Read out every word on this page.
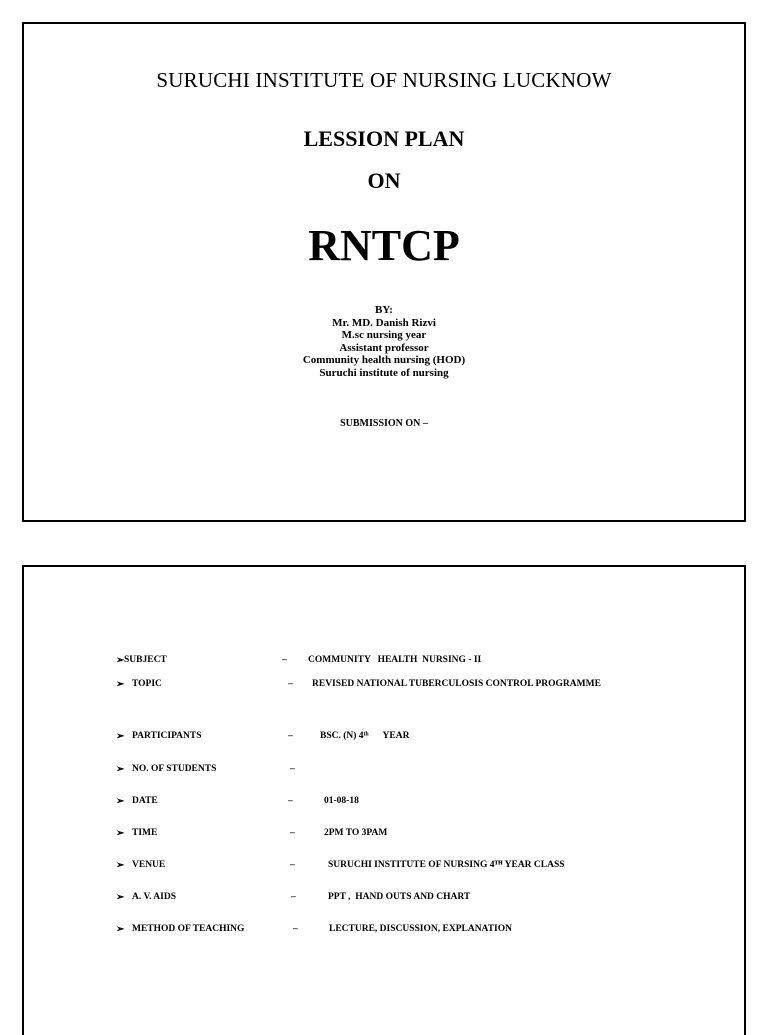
SURUCHI INSTITUTE OF NURSING LUCKNOW
LESSION PLAN
ON
RNTCP
BY:
Mr. MD. Danish Rizvi
M.sc nursing year
Assistant professor
Community health nursing (HOD)
Suruchi institute of nursing
SUBMISSION ON –
➢ SUBJECT	– COMMUNITY   HEALTH  NURSING - II
➢ TOPIC	– REVISED NATIONAL TUBERCULOSIS CONTROL PROGRAMME
➢ PARTICIPANTS	–	BSC. (N) 4ᵗʰ      YEAR
➢ NO. OF STUDENTS	–
➢ DATE	–	01-08-18
➢ TIME	–	2PM TO 3PAM
➢ VENUE	–	SURUCHI INSTITUTE OF NURSING 4ᵀᴴ YEAR CLASS
➢ A. V. AIDS	–	PPT ,  HAND OUTS AND CHART
➢ METHOD OF TEACHING	–	LECTURE, DISCUSSION, EXPLANATION
